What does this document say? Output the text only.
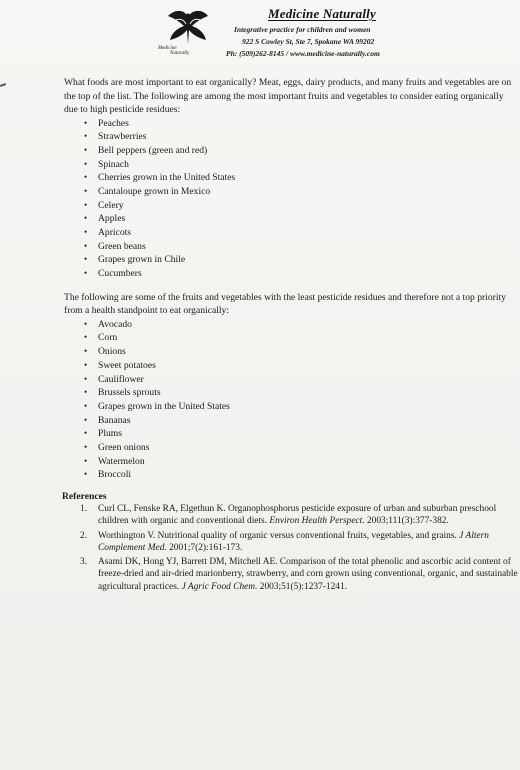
Medicine
Naturally
Medicine Naturally
Integrative practice for children and women
922 S Cowley St, Ste 7, Spokane WA 99202
Ph: (509)262-8145 / www.medicine-naturally.com

What foods are most important to eat organically? Meat, eggs, dairy products, and many fruits and vegetables are on the top of the list. The following are among the most important fruits and vegetables to consider eating organically due to high pesticide residues:

• Peaches
• Strawberries
• Bell peppers (green and red)
• Spinach
• Cherries grown in the United States
• Cantaloupe grown in Mexico
• Celery
• Apples
• Apricots
• Green beans
• Grapes grown in Chile
• Cucumbers

The following are some of the fruits and vegetables with the least pesticide residues and therefore not a top priority from a health standpoint to eat organically:

• Avocado
• Corn
• Onions
• Sweet potatoes
• Cauliflower
• Brussels sprouts
• Grapes grown in the United States
• Bananas
• Plums
• Green onions
• Watermelon
• Broccoli
References
1. Curl CL, Fenske RA, Elgethun K. Organophosphorus pesticide exposure of urban and suburban preschool children with organic and conventional diets. Environ Health Perspect. 2003;111(3):377-382.
2. Worthington V. Nutritional quality of organic versus conventional fruits, vegetables, and grains. J Altern Complement Med. 2001;7(2):161-173.
3. Asami DK, Hong YJ, Barrett DM, Mitchell AE. Comparison of the total phenolic and ascorbic acid content of freeze-dried and air-dried marionberry, strawberry, and corn grown using conventional, organic, and sustainable agricultural practices. J Agric Food Chem. 2003;51(5):1237-1241.
